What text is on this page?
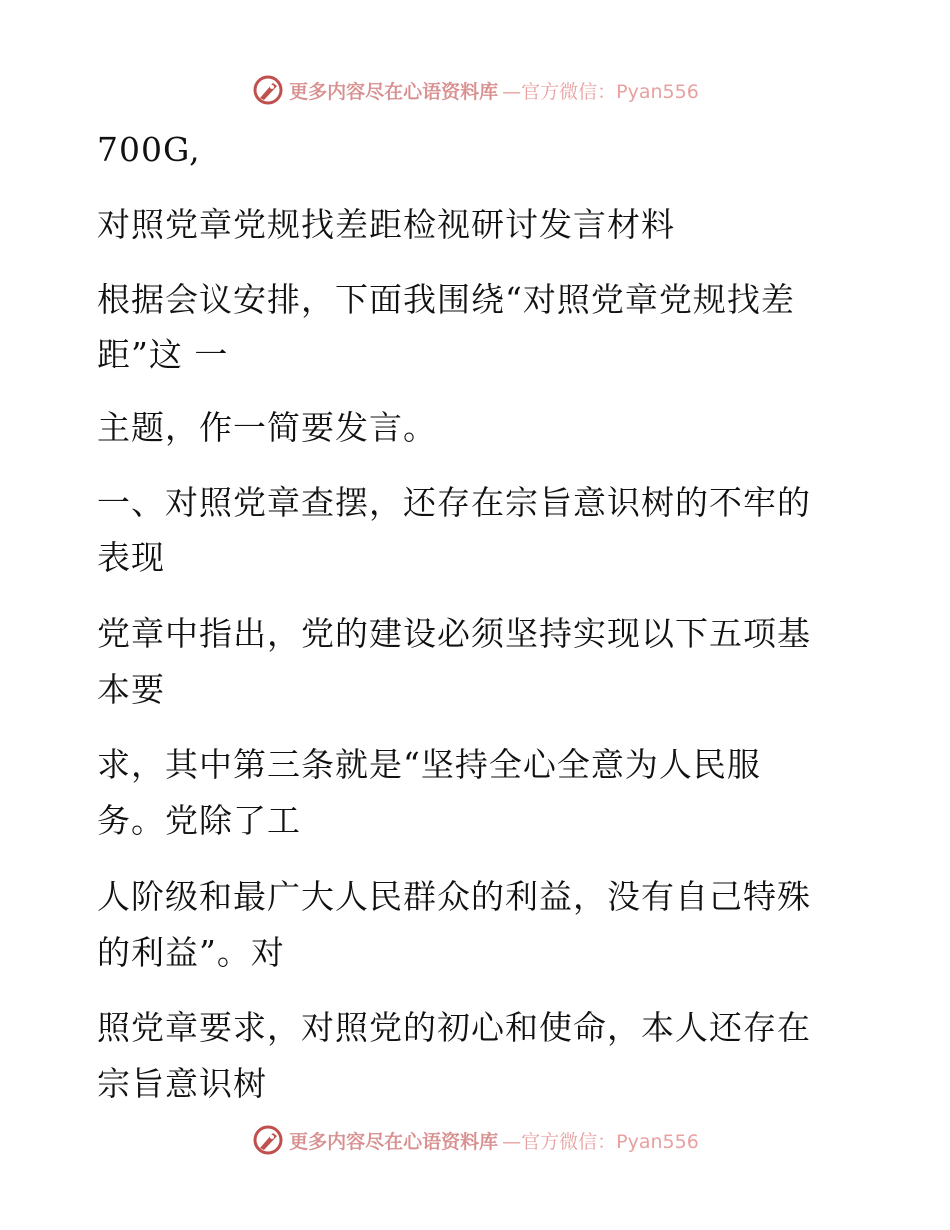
更多内容尽在心语资料库 —官方微信：Pyan556
700G,
对照党章党规找差距检视研讨发言材料
根据会议安排，下面我围绕“对照党章党规找差
距”这 一
主题，作一简要发言。
一、对照党章查摆，还存在宗旨意识树的不牢的
表现
党章中指出，党的建设必须坚持实现以下五项基
本要
求，其中第三条就是“坚持全心全意为人民服
务。党除了工
人阶级和最广大人民群众的利益，没有自己特殊
的利益”。对
照党章要求，对照党的初心和使命，本人还存在
宗旨意识树
更多内容尽在心语资料库 —官方微信：Pyan556
